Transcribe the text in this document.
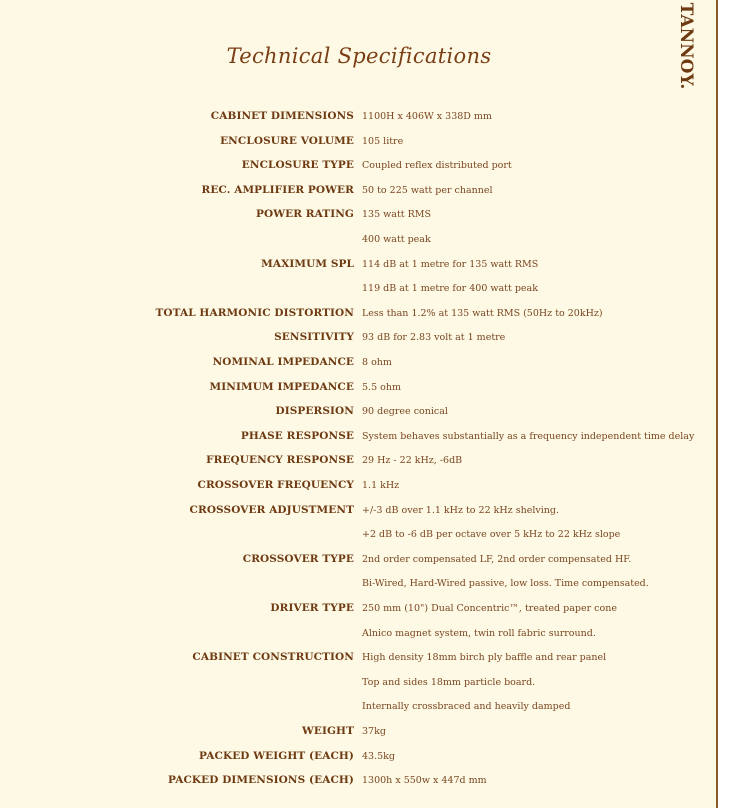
TANNOY.
Technical Specifications
CABINET DIMENSIONS 1100H x 406W x 338D mm
ENCLOSURE VOLUME 105 litre
ENCLOSURE TYPE Coupled reflex distributed port
REC. AMPLIFIER POWER 50 to 225 watt per channel
POWER RATING 135 watt RMS
400 watt peak
MAXIMUM SPL 114 dB at 1 metre for 135 watt RMS
119 dB at 1 metre for 400 watt peak
TOTAL HARMONIC DISTORTION Less than 1.2% at 135 watt RMS (50Hz to 20kHz)
SENSITIVITY 93 dB for 2.83 volt at 1 metre
NOMINAL IMPEDANCE 8 ohm
MINIMUM IMPEDANCE 5.5 ohm
DISPERSION 90 degree conical
PHASE RESPONSE System behaves substantially as a frequency independent time delay
FREQUENCY RESPONSE 29 Hz - 22 kHz, -6dB
CROSSOVER FREQUENCY 1.1 kHz
CROSSOVER ADJUSTMENT +/-3 dB over 1.1 kHz to 22 kHz shelving.
+2 dB to -6 dB per octave over 5 kHz to 22 kHz slope
CROSSOVER TYPE 2nd order compensated LF, 2nd order compensated HF.
Bi-Wired, Hard-Wired passive, low loss. Time compensated.
DRIVER TYPE 250 mm (10") Dual Concentric™, treated paper cone
Alnico magnet system, twin roll fabric surround.
CABINET CONSTRUCTION High density 18mm birch ply baffle and rear panel
Top and sides 18mm particle board.
Internally crossbraced and heavily damped
WEIGHT 37kg
PACKED WEIGHT (EACH) 43.5kg
PACKED DIMENSIONS (EACH) 1300h x 550w x 447d mm
